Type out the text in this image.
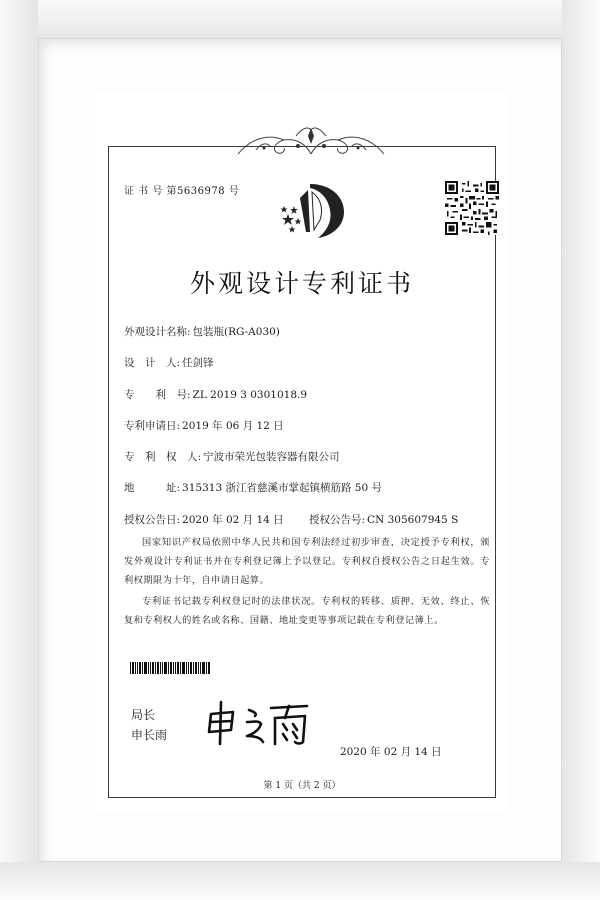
证 书 号 第5636978 号
外观设计专利证书
外观设计名称: 包装瓶(RG-A030)
设　计　人: 任剑锋
专　　利　号: ZL 2019 3 0301018.9
专利申请日: 2019 年 06 月 12 日
专　利　权　人: 宁波市荣光包装容器有限公司
地　　　址: 315313 浙江省慈溪市掌起镇横筋路 50 号
授权公告日: 2020 年 02 月 14 日 授权公告号: CN 305607945 S
国家知识产权局依照中华人民共和国专利法经过初步审查，决定授予专利权，颁发外观设计专利证书并在专利登记簿上予以登记。专利权自授权公告之日起生效。专利权期限为十年，自申请日起算。
专利证书记载专利权登记时的法律状况。专利权的转移、质押、无效、终止、恢复和专利权人的姓名或名称、国籍、地址变更等事项记载在专利登记簿上。
局长
申长雨
2020 年 02 月 14 日
第 1 页（共 2 页）
